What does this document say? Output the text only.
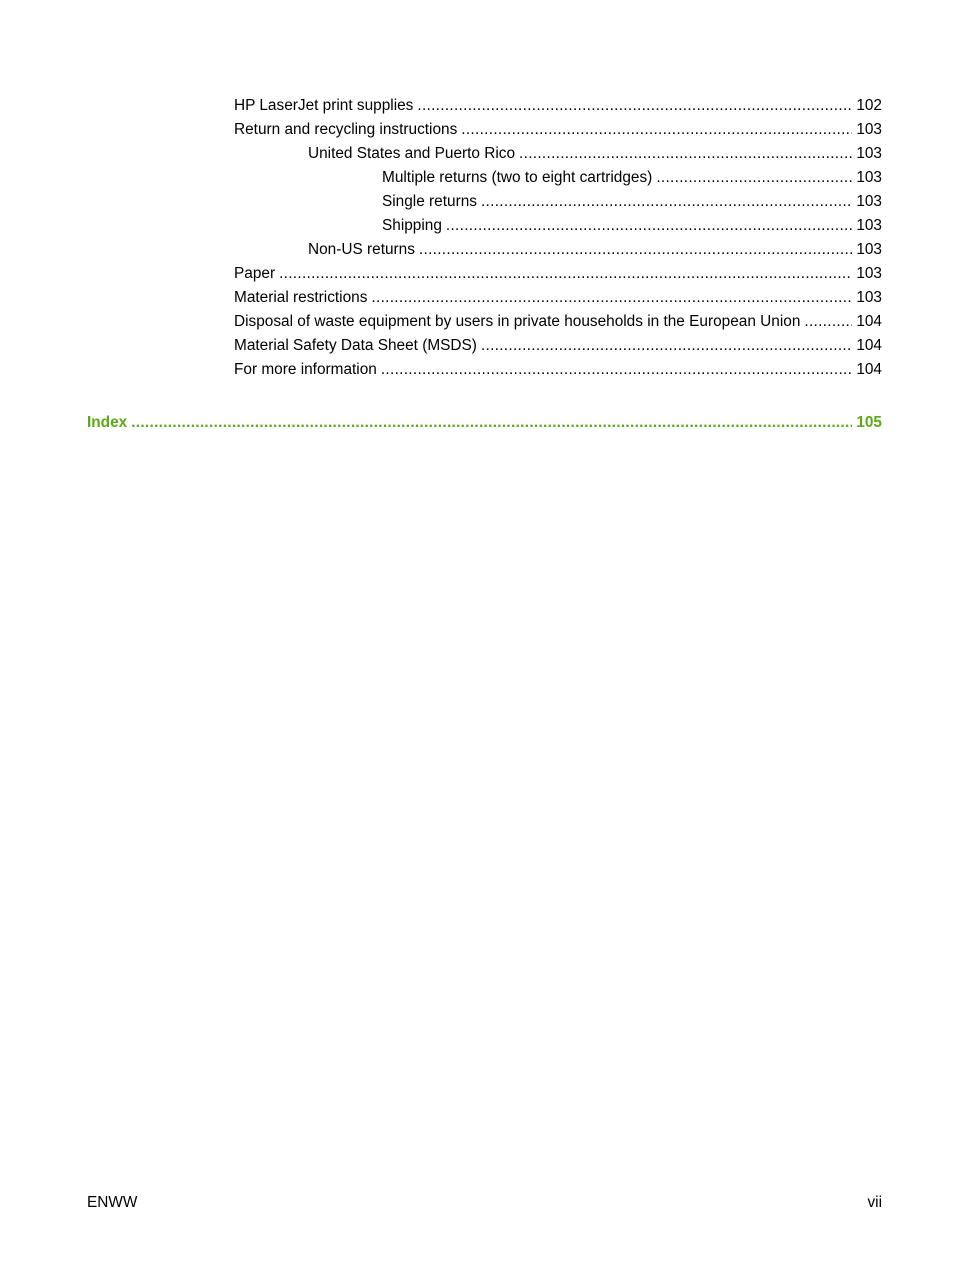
HP LaserJet print supplies .....	102
Return and recycling instructions .....	103
United States and Puerto Rico .....	103
Multiple returns (two to eight cartridges) .....	103
Single returns .....	103
Shipping .....	103
Non-US returns .....	103
Paper .....	103
Material restrictions .....	103
Disposal of waste equipment by users in private households in the European Union .....	104
Material Safety Data Sheet (MSDS) .....	104
For more information .....	104
Index .....	105
ENWW	vii
